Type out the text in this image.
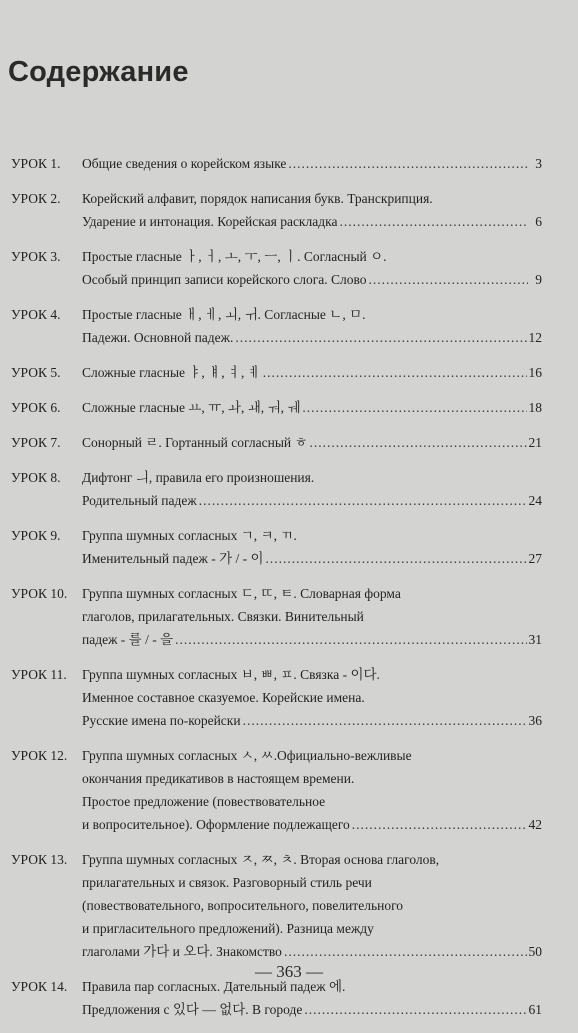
Содержание
УРОК 1. Общие сведения о корейском языке .....	3
УРОК 2. Корейский алфавит, порядок написания букв. Транскрипция.
Ударение и интонация. Корейская раскладка .....	6
УРОК 3. Простые гласные ㅏ, ㅓ, ㅗ, ㅜ, ㅡ, ㅣ. Согласный ㅇ.
Особый принцип записи корейского слога. Слово .....	9
УРОК 4. Простые гласные ㅐ, ㅔ, ㅚ, ㅟ. Согласные ㄴ, ㅁ.
Падежи. Основной падеж. .....	12
УРОК 5. Сложные гласные ㅑ, ㅒ, ㅕ, ㅖ .....	16
УРОК 6. Сложные гласные ㅛ, ㅠ, ㅘ, ㅙ, ㅝ, ㅞ .....	18
УРОК 7. Сонорный ㄹ. Гортанный согласный ㅎ .....	21
УРОК 8. Дифтонг ㅢ, правила его произношения.
Родительный падеж .....	24
УРОК 9. Группа шумных согласных ㄱ, ㅋ, ㄲ.
Именительный падеж - 가 / - 이 .....	27
УРОК 10. Группа шумных согласных ㄷ, ㄸ, ㅌ. Словарная форма
глаголов, прилагательных. Связки. Винительный
падеж - 를 / - 을 .....	31
УРОК 11. Группа шумных согласных ㅂ, ㅃ, ㅍ. Связка - 이다.
Именное составное сказуемое. Корейские имена.
Русские имена по-корейски .....	36
УРОК 12. Группа шумных согласных ㅅ, ㅆ.Официально-вежливые
окончания предикативов в настоящем времени.
Простое предложение (повествовательное
и вопросительное). Оформление подлежащего .....	42
УРОК 13. Группа шумных согласных ㅈ, ㅉ, ㅊ. Вторая основа глаголов,
прилагательных и связок. Разговорный стиль речи
(повествовательного, вопросительного, повелительного
и пригласительного предложений). Разница между
глаголами 가다 и 오다. Знакомство .....	50
УРОК 14. Правила пар согласных. Дательный падеж 에.
Предложения с 있다 — 없다. В городе .....	61
— 363 —
